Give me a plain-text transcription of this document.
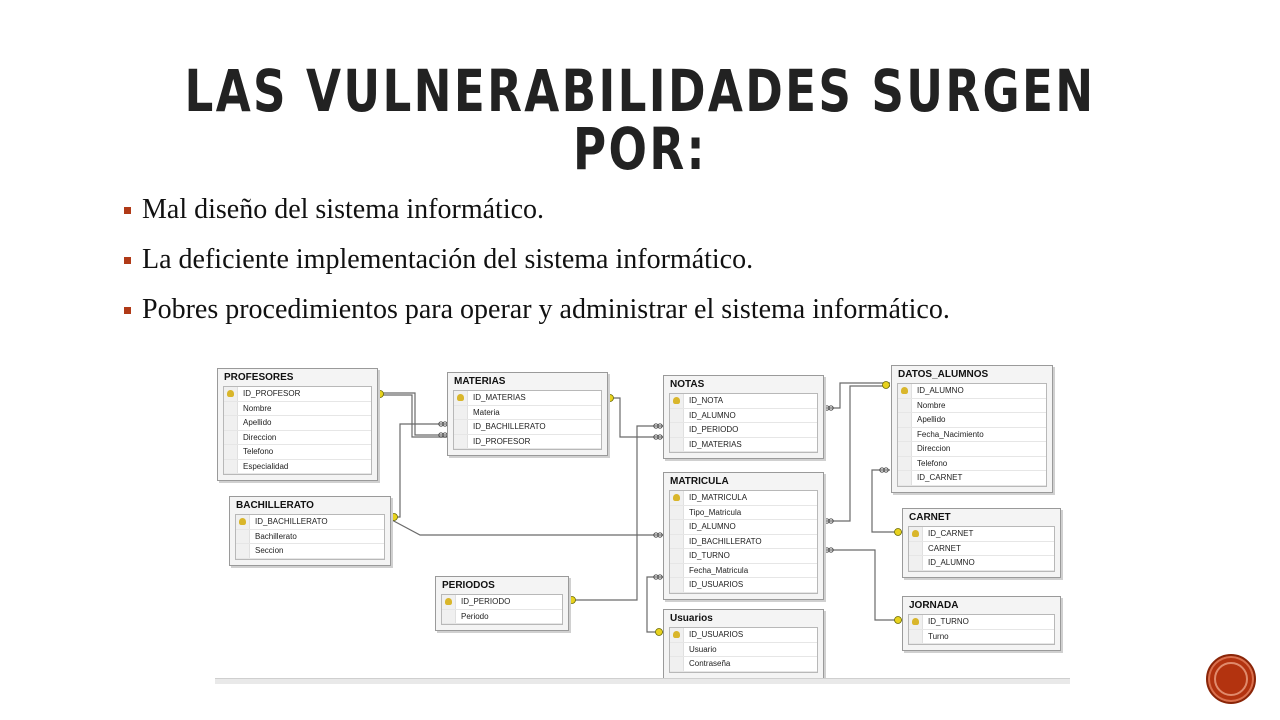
LAS VULNERABILIDADES SURGEN POR:
Mal diseño del sistema informático.
La deficiente implementación del sistema informático.
Pobres procedimientos para operar y administrar el sistema informático.
PROFESORES
ID_PROFESOR
Nombre
Apellido
Direccion
Telefono
Especialidad
MATERIAS
ID_MATERIAS
Materia
ID_BACHILLERATO
ID_PROFESOR
NOTAS
ID_NOTA
ID_ALUMNO
ID_PERIODO
ID_MATERIAS
DATOS_ALUMNOS
ID_ALUMNO
Nombre
Apellido
Fecha_Nacimiento
Direccion
Telefono
ID_CARNET
BACHILLERATO
ID_BACHILLERATO
Bachillerato
Seccion
MATRICULA
ID_MATRICULA
Tipo_Matricula
ID_ALUMNO
ID_BACHILLERATO
ID_TURNO
Fecha_Matricula
ID_USUARIOS
CARNET
ID_CARNET
CARNET
ID_ALUMNO
PERIODOS
ID_PERIODO
Periodo	Usuarios
ID_USUARIOS
Usuario
Contraseña
JORNADA
ID_TURNO
Turno
